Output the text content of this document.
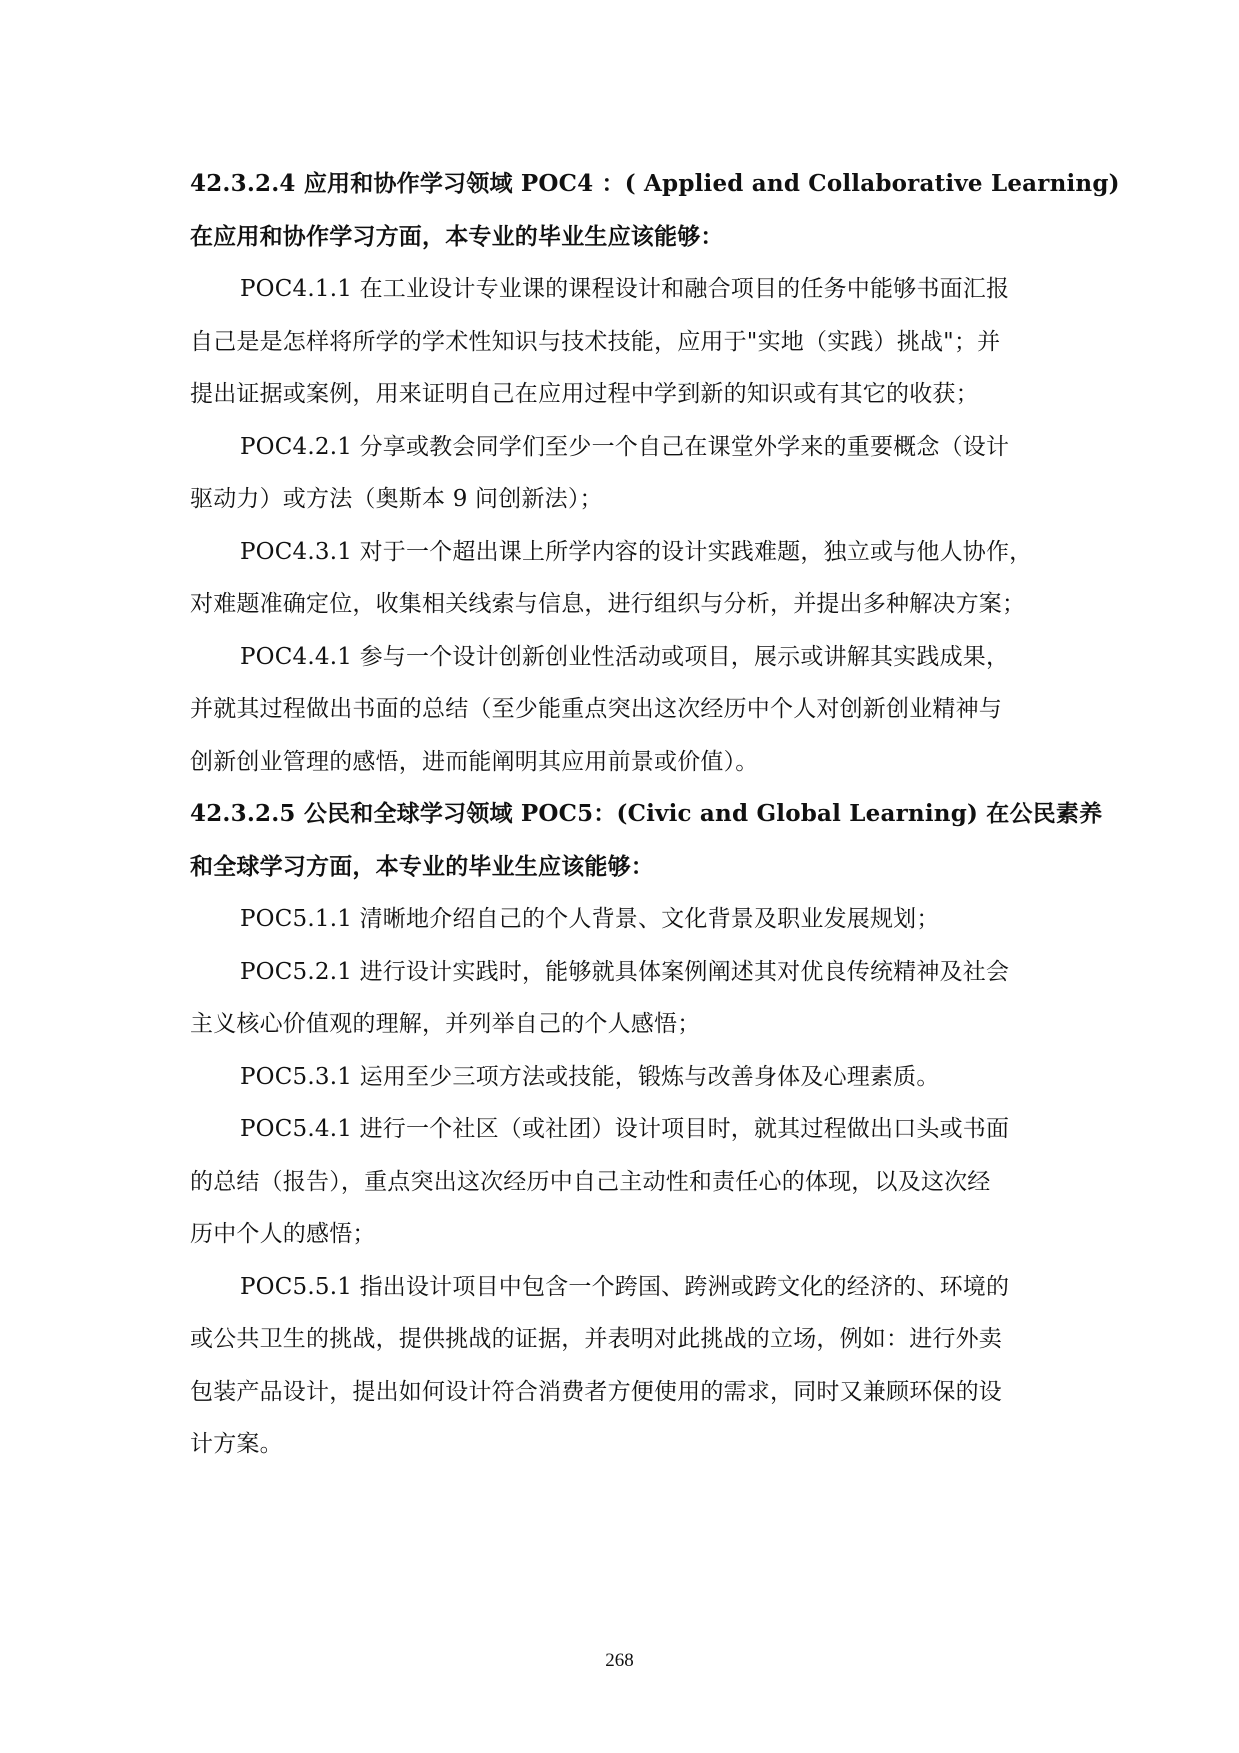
42.3.2.4 应用和协作学习领域 POC4 ：( Applied and Collaborative Learning)
在应用和协作学习方面，本专业的毕业生应该能够：
POC4.1.1 在工业设计专业课的课程设计和融合项目的任务中能够书面汇报
自己是是怎样将所学的学术性知识与技术技能，应用于"实地（实践）挑战"；并
提出证据或案例，用来证明自己在应用过程中学到新的知识或有其它的收获；
POC4.2.1 分享或教会同学们至少一个自己在课堂外学来的重要概念（设计
驱动力）或方法（奥斯本 9 问创新法）；
POC4.3.1 对于一个超出课上所学内容的设计实践难题，独立或与他人协作，
对难题准确定位，收集相关线索与信息，进行组织与分析，并提出多种解决方案；
POC4.4.1 参与一个设计创新创业性活动或项目，展示或讲解其实践成果，
并就其过程做出书面的总结（至少能重点突出这次经历中个人对创新创业精神与
创新创业管理的感悟，进而能阐明其应用前景或价值）。
42.3.2.5 公民和全球学习领域 POC5：(Civic and Global Learning) 在公民素养
和全球学习方面，本专业的毕业生应该能够：
POC5.1.1 清晰地介绍自己的个人背景、文化背景及职业发展规划；
POC5.2.1 进行设计实践时，能够就具体案例阐述其对优良传统精神及社会
主义核心价值观的理解，并列举自己的个人感悟；
POC5.3.1 运用至少三项方法或技能，锻炼与改善身体及心理素质。
POC5.4.1 进行一个社区（或社团）设计项目时，就其过程做出口头或书面
的总结（报告），重点突出这次经历中自己主动性和责任心的体现，以及这次经
历中个人的感悟；
POC5.5.1 指出设计项目中包含一个跨国、跨洲或跨文化的经济的、环境的
或公共卫生的挑战，提供挑战的证据，并表明对此挑战的立场，例如：进行外卖
包装产品设计，提出如何设计符合消费者方便使用的需求，同时又兼顾环保的设
计方案。
268
